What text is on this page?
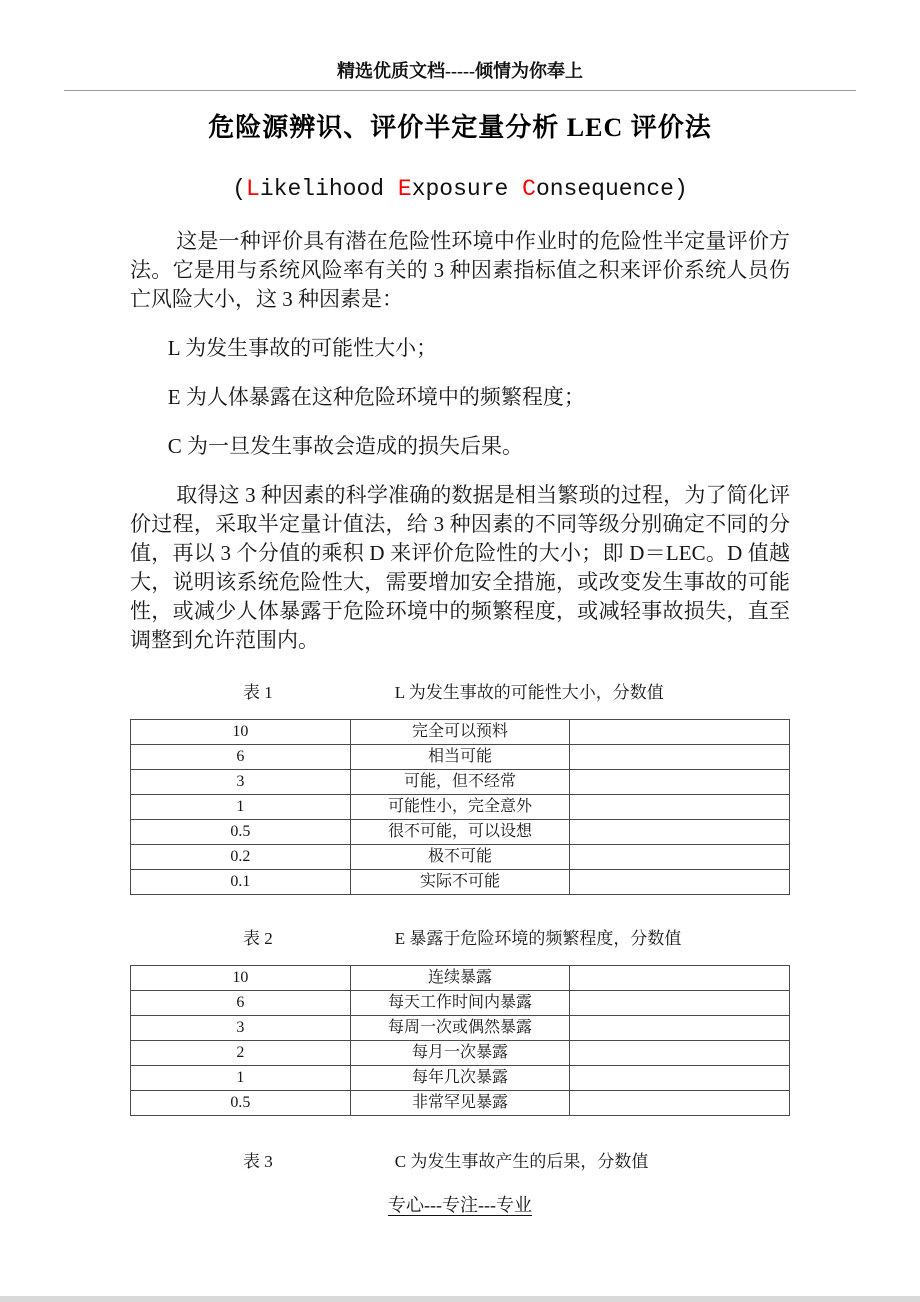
精选优质文档-----倾情为你奉上
危险源辨识、评价半定量分析 LEC 评价法
(Likelihood Exposure Consequence)

这是一种评价具有潜在危险性环境中作业时的危险性半定量评价方法。它是用与系统风险率有关的 3 种因素指标值之积来评价系统人员伤亡风险大小，这 3 种因素是：

L 为发生事故的可能性大小；

E 为人体暴露在这种危险环境中的频繁程度；

C 为一旦发生事故会造成的损失后果。

取得这 3 种因素的科学准确的数据是相当繁琐的过程，为了简化评价过程，采取半定量计值法，给 3 种因素的不同等级分别确定不同的分值，再以 3 个分值的乘积 D 来评价危险性的大小；即 D＝LEC。D 值越大，说明该系统危险性大，需要增加安全措施，或改变发生事故的可能性，或减少人体暴露于危险环境中的频繁程度，或减轻事故损失，直至调整到允许范围内。

表 1	L 为发生事故的可能性大小，分数值
10	完全可以预料	
6	相当可能	
3	可能，但不经常	
1	可能性小，完全意外	
0.5	很不可能，可以设想	
0.2	极不可能	
0.1	实际不可能	
表 2	E 暴露于危险环境的频繁程度，分数值
10	连续暴露	
6	每天工作时间内暴露	
3	每周一次或偶然暴露	
2	每月一次暴露	
1	每年几次暴露	
0.5	非常罕见暴露	
表 3	C 为发生事故产生的后果，分数值
专心---专注---专业
